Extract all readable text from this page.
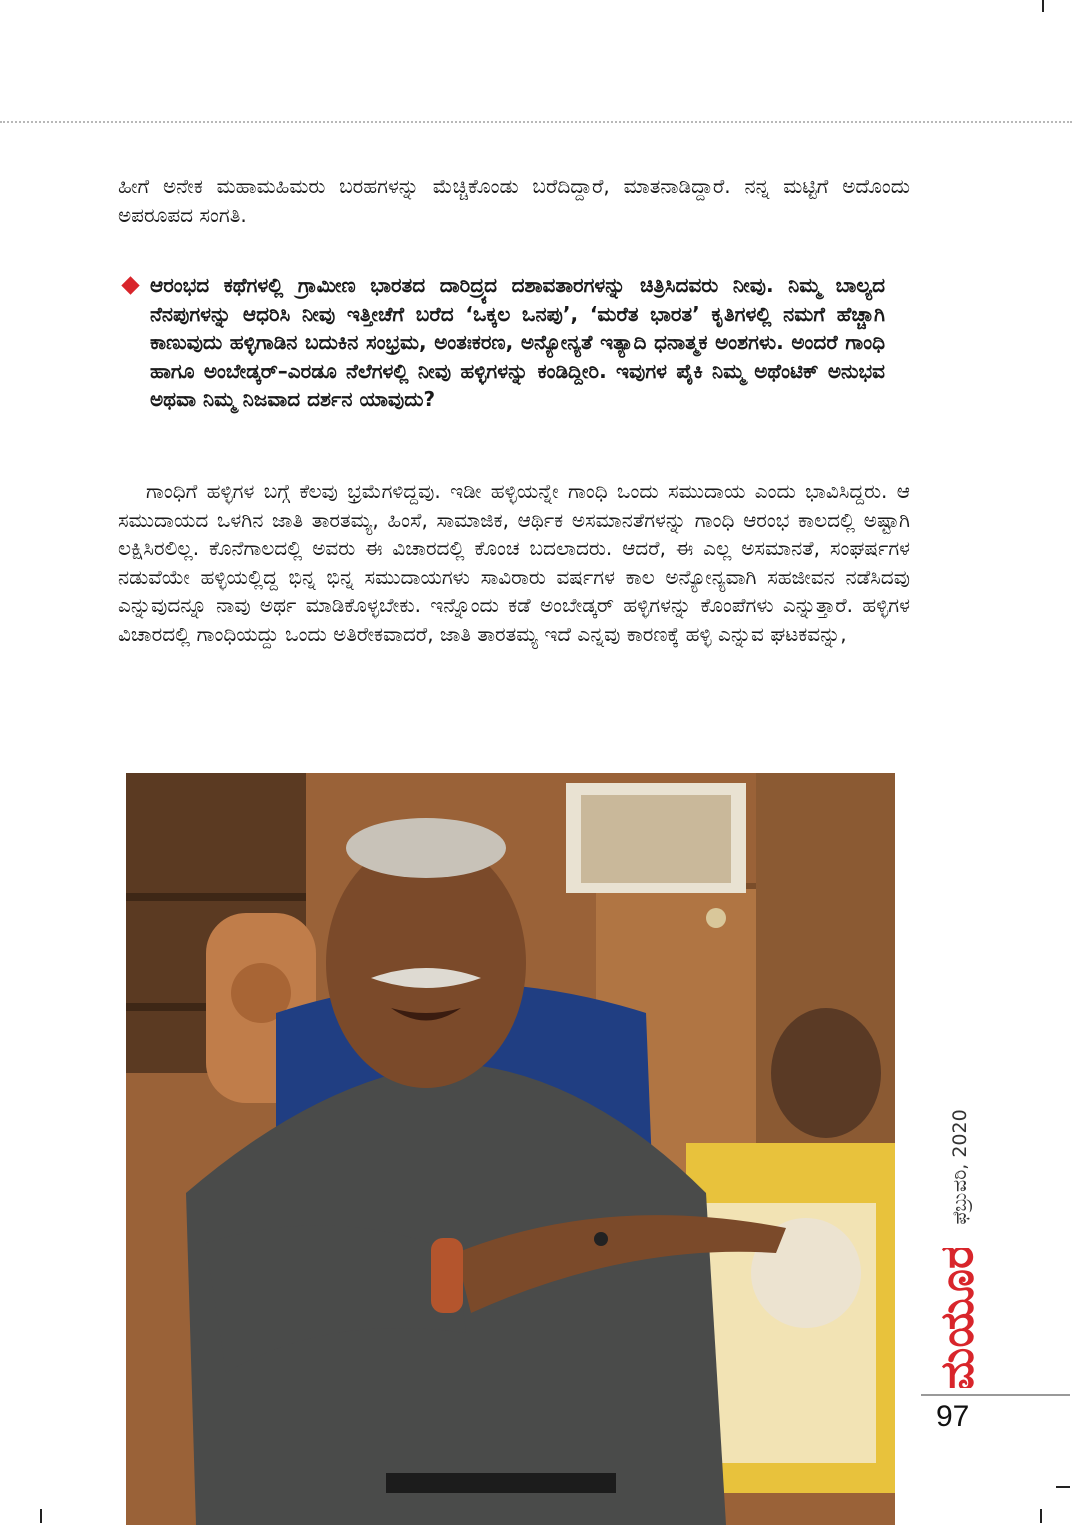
ಹೀಗೆ ಅನೇಕ ಮಹಾಮಹಿಮರು ಬರಹಗಳನ್ನು ಮೆಚ್ಚಿಕೊಂಡು ಬರೆದಿದ್ದಾರೆ, ಮಾತನಾಡಿದ್ದಾರೆ. ನನ್ನ ಮಟ್ಟಿಗೆ ಅದೊಂದು ಅಪರೂಪದ ಸಂಗತಿ.

ಆರಂಭದ ಕಥೆಗಳಲ್ಲಿ ಗ್ರಾಮೀಣ ಭಾರತದ ದಾರಿದ್ರ್ಯದ ದಶಾವತಾರಗಳನ್ನು ಚಿತ್ರಿಸಿದವರು ನೀವು. ನಿಮ್ಮ ಬಾಲ್ಯದ ನೆನಪುಗಳನ್ನು ಆಧರಿಸಿ ನೀವು ಇತ್ತೀಚೆಗೆ ಬರೆದ ‘ಒಕ್ಕಲ ಒನಪು’, ‘ಮರೆತ ಭಾರತ’ ಕೃತಿಗಳಲ್ಲಿ ನಮಗೆ ಹೆಚ್ಚಾಗಿ ಕಾಣುವುದು ಹಳ್ಳಿಗಾಡಿನ ಬದುಕಿನ ಸಂಭ್ರಮ, ಅಂತಃಕರಣ, ಅನ್ಯೋನ್ಯತೆ ಇತ್ಯಾದಿ ಧನಾತ್ಮಕ ಅಂಶಗಳು. ಅಂದರೆ ಗಾಂಧಿ ಹಾಗೂ ಅಂಬೇಡ್ಕರ್–ಎರಡೂ ನೆಲೆಗಳಲ್ಲಿ ನೀವು ಹಳ್ಳಿಗಳನ್ನು ಕಂಡಿದ್ದೀರಿ. ಇವುಗಳ ಪೈಕಿ ನಿಮ್ಮ ಅಥೆಂಟಿಕ್ ಅನುಭವ ಅಥವಾ ನಿಮ್ಮ ನಿಜವಾದ ದರ್ಶನ ಯಾವುದು?

ಗಾಂಧಿಗೆ ಹಳ್ಳಿಗಳ ಬಗ್ಗೆ ಕೆಲವು ಭ್ರಮೆಗಳಿದ್ದವು. ಇಡೀ ಹಳ್ಳಿಯನ್ನೇ ಗಾಂಧಿ ಒಂದು ಸಮುದಾಯ ಎಂದು ಭಾವಿಸಿದ್ದರು. ಆ ಸಮುದಾಯದ ಒಳಗಿನ ಜಾತಿ ತಾರತಮ್ಯ, ಹಿಂಸೆ, ಸಾಮಾಜಿಕ, ಆರ್ಥಿಕ ಅಸಮಾನತೆಗಳನ್ನು ಗಾಂಧಿ ಆರಂಭ ಕಾಲದಲ್ಲಿ ಅಷ್ಟಾಗಿ ಲಕ್ಷಿಸಿರಲಿಲ್ಲ. ಕೊನೆಗಾಲದಲ್ಲಿ ಅವರು ಈ ವಿಚಾರದಲ್ಲಿ ಕೊಂಚ ಬದಲಾದರು. ಆದರೆ, ಈ ಎಲ್ಲ ಅಸಮಾನತೆ, ಸಂಘರ್ಷಗಳ ನಡುವೆಯೇ ಹಳ್ಳಿಯಲ್ಲಿದ್ದ ಭಿನ್ನ ಭಿನ್ನ ಸಮುದಾಯಗಳು ಸಾವಿರಾರು ವರ್ಷಗಳ ಕಾಲ ಅನ್ಯೋನ್ಯವಾಗಿ ಸಹಜೀವನ ನಡೆಸಿದವು ಎನ್ನುವುದನ್ನೂ ನಾವು ಅರ್ಥ ಮಾಡಿಕೊಳ್ಳಬೇಕು. ಇನ್ನೊಂದು ಕಡೆ ಅಂಬೇಡ್ಕರ್ ಹಳ್ಳಿಗಳನ್ನು ಕೊಂಪೆಗಳು ಎನ್ನುತ್ತಾರೆ. ಹಳ್ಳಿಗಳ ವಿಚಾರದಲ್ಲಿ ಗಾಂಧಿಯದ್ದು ಒಂದು ಅತಿರೇಕವಾದರೆ, ಜಾತಿ ತಾರತಮ್ಯ ಇದೆ ಎನ್ನವು ಕಾರಣಕ್ಕೆ ಹಳ್ಳಿ ಎನ್ನುವ ಘಟಕವನ್ನು,

ಫೆಬ್ರುವರಿ, 2020
ಮಯೂರ
97
